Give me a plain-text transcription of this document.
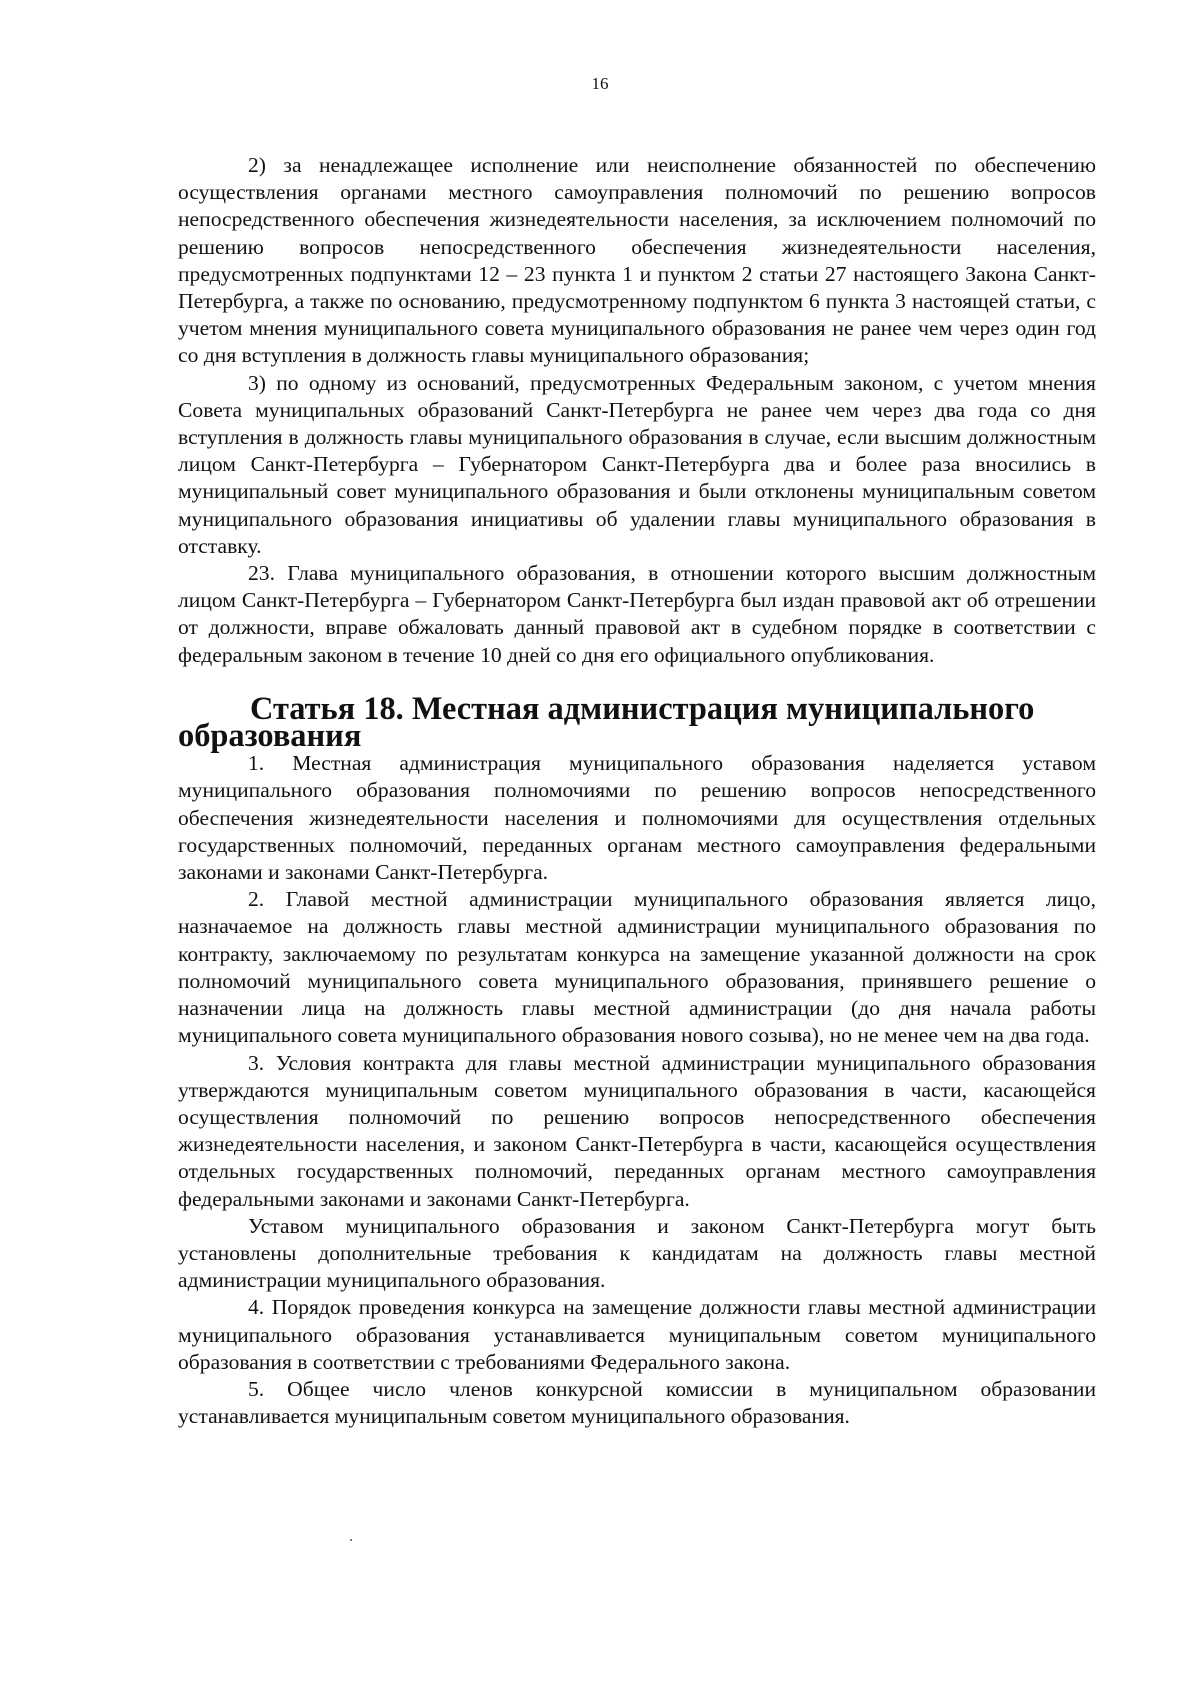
16

2) за ненадлежащее исполнение или неисполнение обязанностей по обеспечению осуществления органами местного самоуправления полномочий по решению вопросов непосредственного обеспечения жизнедеятельности населения, за исключением полномочий по решению вопросов непосредственного обеспечения жизнедеятельности населения, предусмотренных подпунктами 12 – 23 пункта 1 и пунктом 2 статьи 27 настоящего Закона Санкт-Петербурга, а также по основанию, предусмотренному подпунктом 6 пункта 3 настоящей статьи, с учетом мнения муниципального совета муниципального образования не ранее чем через один год со дня вступления в должность главы муниципального образования;

3) по одному из оснований, предусмотренных Федеральным законом, с учетом мнения Совета муниципальных образований Санкт-Петербурга не ранее чем через два года со дня вступления в должность главы муниципального образования в случае, если высшим должностным лицом Санкт-Петербурга – Губернатором Санкт-Петербурга два и более раза вносились в муниципальный совет муниципального образования и были отклонены муниципальным советом муниципального образования инициативы об удалении главы муниципального образования в отставку.

23. Глава муниципального образования, в отношении которого высшим должностным лицом Санкт-Петербурга – Губернатором Санкт-Петербурга был издан правовой акт об отрешении от должности, вправе обжаловать данный правовой акт в судебном порядке в соответствии с федеральным законом в течение 10 дней со дня его официального опубликования.

Статья 18. Местная администрация муниципального образования

1. Местная администрация муниципального образования наделяется уставом муниципального образования полномочиями по решению вопросов непосредственного обеспечения жизнедеятельности населения и полномочиями для осуществления отдельных государственных полномочий, переданных органам местного самоуправления федеральными законами и законами Санкт-Петербурга.

2. Главой местной администрации муниципального образования является лицо, назначаемое на должность главы местной администрации муниципального образования по контракту, заключаемому по результатам конкурса на замещение указанной должности на срок полномочий муниципального совета муниципального образования, принявшего решение о назначении лица на должность главы местной администрации (до дня начала работы муниципального совета муниципального образования нового созыва), но не менее чем на два года.

3. Условия контракта для главы местной администрации муниципального образования утверждаются муниципальным советом муниципального образования в части, касающейся осуществления полномочий по решению вопросов непосредственного обеспечения жизнедеятельности населения, и законом Санкт-Петербурга в части, касающейся осуществления отдельных государственных полномочий, переданных органам местного самоуправления федеральными законами и законами Санкт-Петербурга.

Уставом муниципального образования и законом Санкт-Петербурга могут быть установлены дополнительные требования к кандидатам на должность главы местной администрации муниципального образования.

4. Порядок проведения конкурса на замещение должности главы местной администрации муниципального образования устанавливается муниципальным советом муниципального образования в соответствии с требованиями Федерального закона.

5. Общее число членов конкурсной комиссии в муниципальном образовании устанавливается муниципальным советом муниципального образования.
